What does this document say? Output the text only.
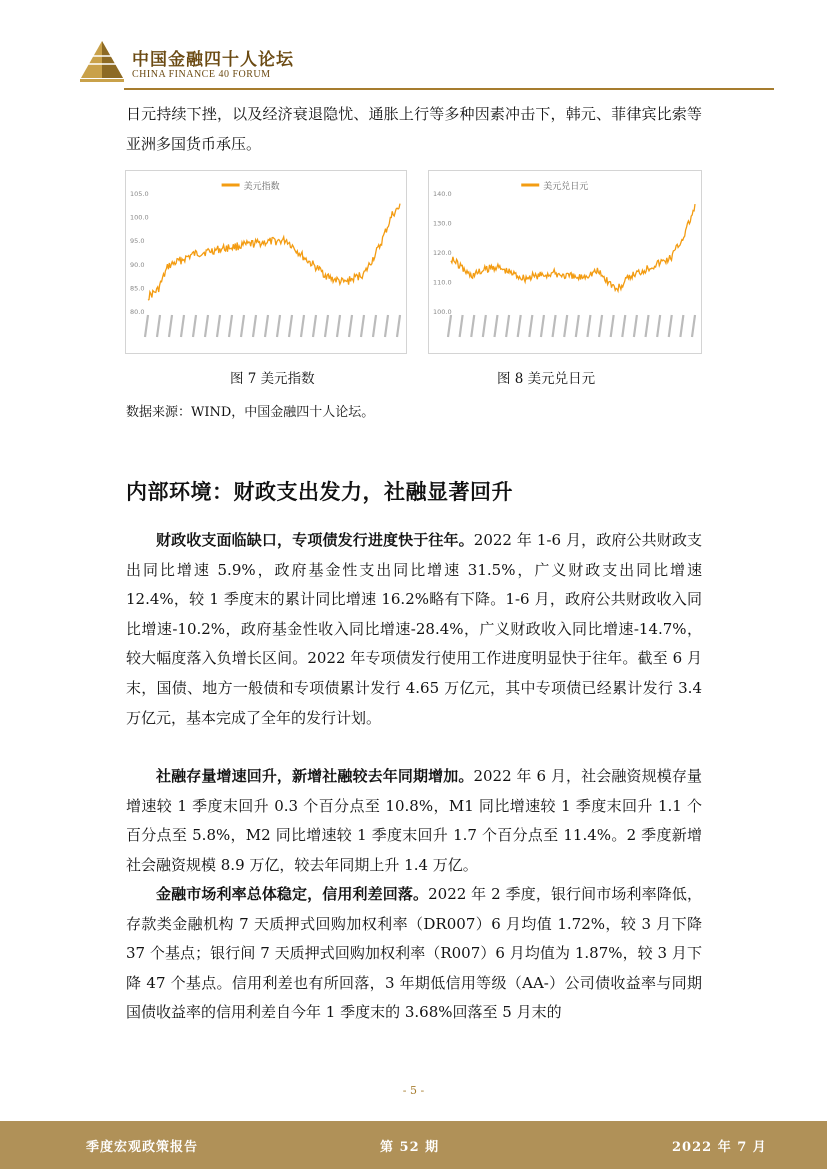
中国金融四十人论坛
CHINA FINANCE 40 FORUM
日元持续下挫，以及经济衰退隐忧、通胀上行等多种因素冲击下，韩元、菲律宾比索等亚洲多国货币承压。
美元指数
105.0
100.0
95.0
90.0
85.0
80.0
美元兑日元
140.0
130.0
120.0
110.0
100.0
图 7 美元指数	图 8 美元兑日元
数据来源：WIND，中国金融四十人论坛。
内部环境：财政支出发力，社融显著回升
财政收支面临缺口，专项债发行进度快于往年。2022 年 1-6 月，政府公共财政支出同比增速 5.9%，政府基金性支出同比增速 31.5%，广义财政支出同比增速 12.4%，较 1 季度末的累计同比增速 16.2%略有下降。1-6 月，政府公共财政收入同比增速-10.2%，政府基金性收入同比增速-28.4%，广义财政收入同比增速-14.7%，较大幅度落入负增长区间。2022 年专项债发行使用工作进度明显快于往年。截至 6 月末，国债、地方一般债和专项债累计发行 4.65 万亿元，其中专项债已经累计发行 3.4 万亿元，基本完成了全年的发行计划。
社融存量增速回升，新增社融较去年同期增加。2022 年 6 月，社会融资规模存量增速较 1 季度末回升 0.3 个百分点至 10.8%，M1 同比增速较 1 季度末回升 1.1 个百分点至 5.8%，M2 同比增速较 1 季度末回升 1.7 个百分点至 11.4%。2 季度新增社会融资规模 8.9 万亿，较去年同期上升 1.4 万亿。
金融市场利率总体稳定，信用利差回落。2022 年 2 季度，银行间市场利率降低，存款类金融机构 7 天质押式回购加权利率（DR007）6 月均值 1.72%，较 3 月下降 37 个基点；银行间 7 天质押式回购加权利率（R007）6 月均值为 1.87%，较 3 月下降 47 个基点。信用利差也有所回落，3 年期低信用等级（AA-）公司债收益率与同期国债收益率的信用利差自今年 1 季度末的 3.68%回落至 5 月末的
- 5 -
季度宏观政策报告	第 52 期	2022 年 7 月
